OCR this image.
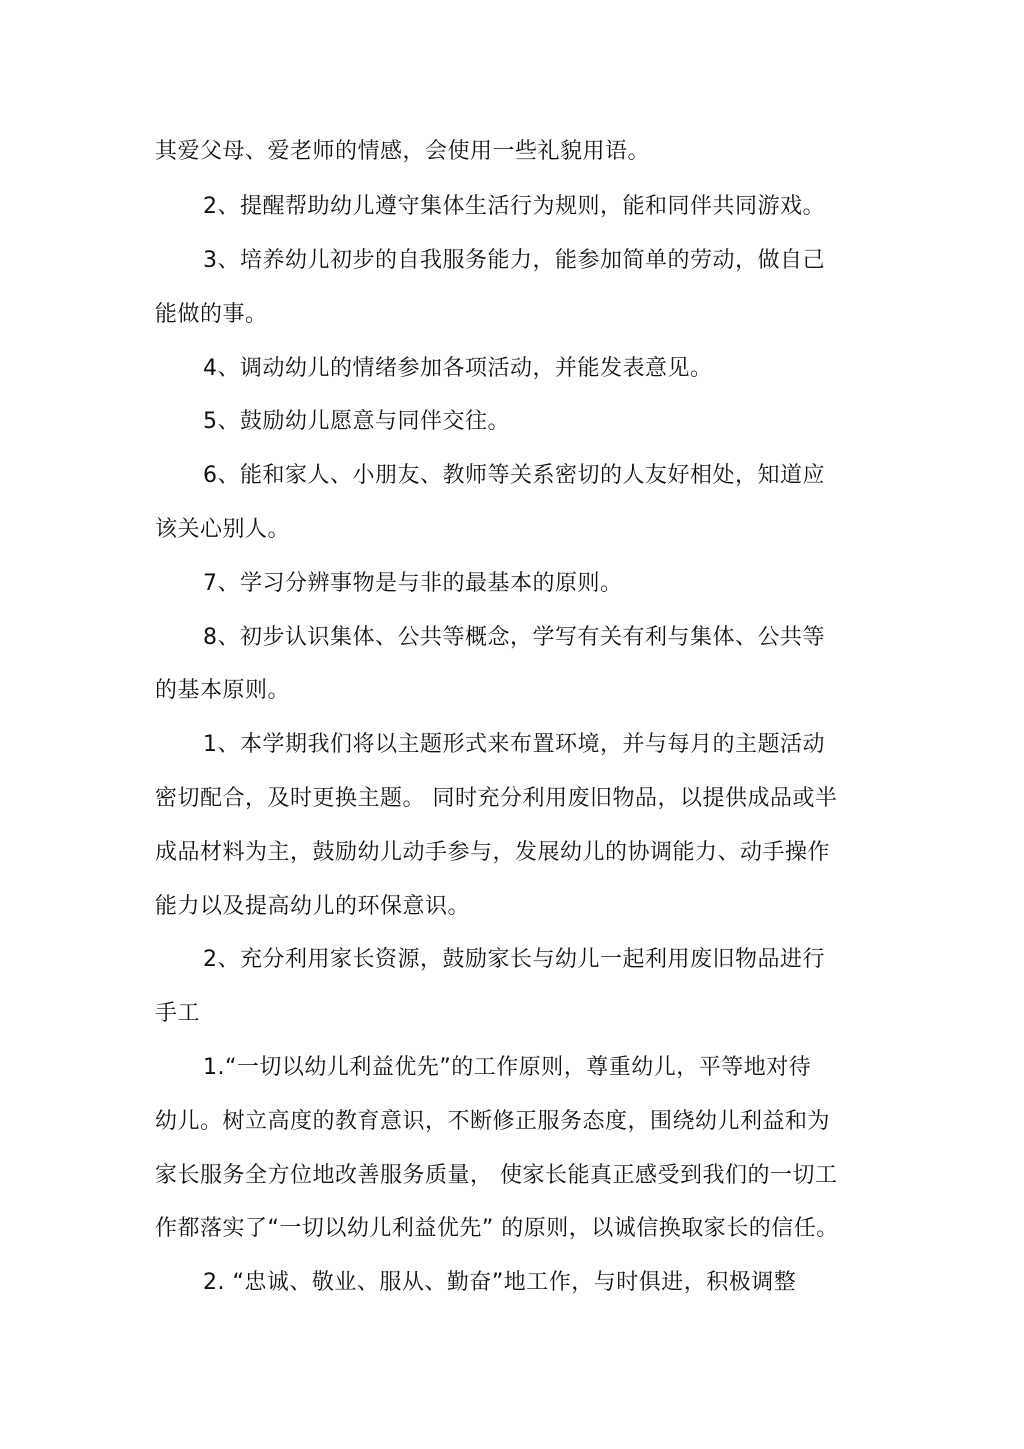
其爱父母、爱老师的情感，会使用一些礼貌用语。
2、提醒帮助幼儿遵守集体生活行为规则，能和同伴共同游戏。
3、培养幼儿初步的自我服务能力，能参加简单的劳动，做自己
能做的事。
4、调动幼儿的情绪参加各项活动，并能发表意见。
5、鼓励幼儿愿意与同伴交往。
6、能和家人、小朋友、教师等关系密切的人友好相处，知道应
该关心别人。
7、学习分辨事物是与非的最基本的原则。
8、初步认识集体、公共等概念，学写有关有利与集体、公共等
的基本原则。
1、本学期我们将以主题形式来布置环境，并与每月的主题活动
密切配合，及时更换主题。 同时充分利用废旧物品，以提供成品或半
成品材料为主，鼓励幼儿动手参与，发展幼儿的协调能力、动手操作
能力以及提高幼儿的环保意识。
2、充分利用家长资源，鼓励家长与幼儿一起利用废旧物品进行
手工
1.“一切以幼儿利益优先”的工作原则，尊重幼儿，平等地对待
幼儿。树立高度的教育意识，不断修正服务态度，围绕幼儿利益和为
家长服务全方位地改善服务质量， 使家长能真正感受到我们的一切工
作都落实了“一切以幼儿利益优先” 的原则，以诚信换取家长的信任。
2. “忠诚、敬业、服从、勤奋”地工作，与时俱进，积极调整
